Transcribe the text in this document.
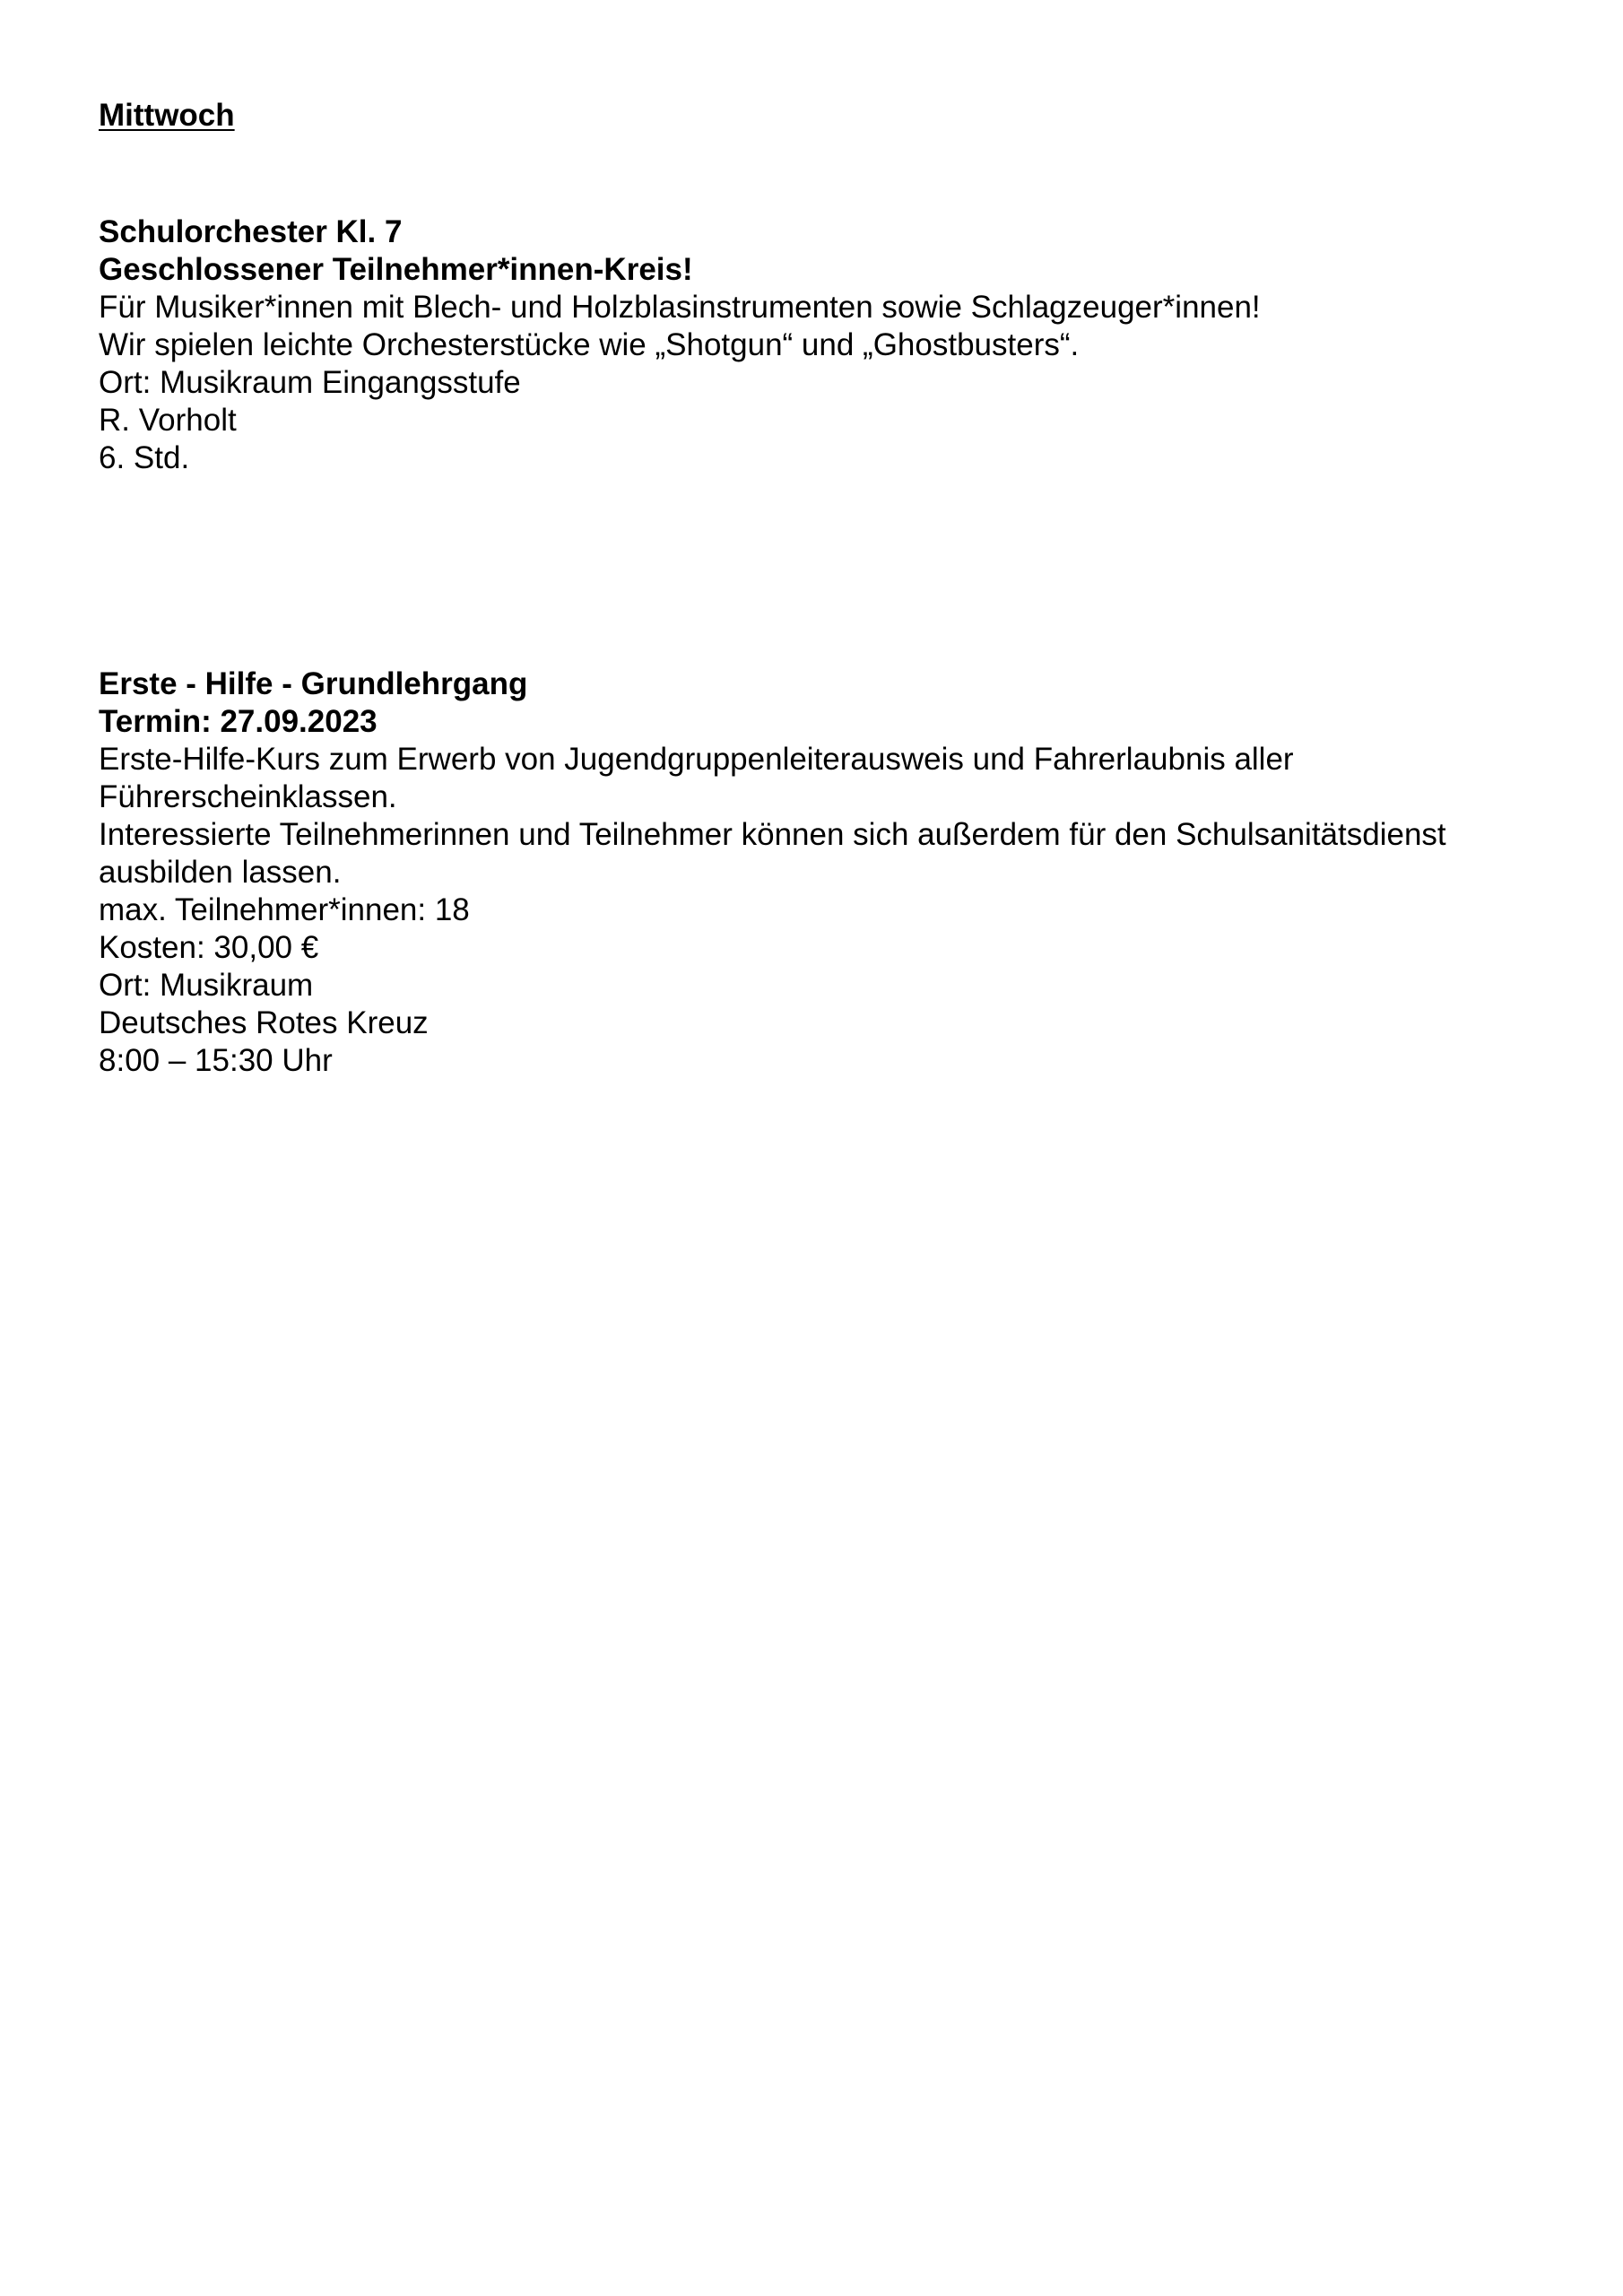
Mittwoch
Schulorchester Kl. 7
Geschlossener Teilnehmer*innen-Kreis!
Für Musiker*innen mit Blech- und Holzblasinstrumenten sowie Schlagzeuger*innen!
Wir spielen leichte Orchesterstücke wie „Shotgun“ und „Ghostbusters“.
Ort: Musikraum Eingangsstufe
R. Vorholt
6. Std.
Erste - Hilfe - Grundlehrgang
Termin: 27.09.2023
Erste-Hilfe-Kurs zum Erwerb von Jugendgruppenleiterausweis und Fahrerlaubnis aller
Führerscheinklassen.
Interessierte Teilnehmerinnen und Teilnehmer können sich außerdem für den Schulsanitätsdienst
ausbilden lassen.
max. Teilnehmer*innen: 18
Kosten: 30,00 €
Ort: Musikraum
Deutsches Rotes Kreuz
8:00 – 15:30 Uhr
